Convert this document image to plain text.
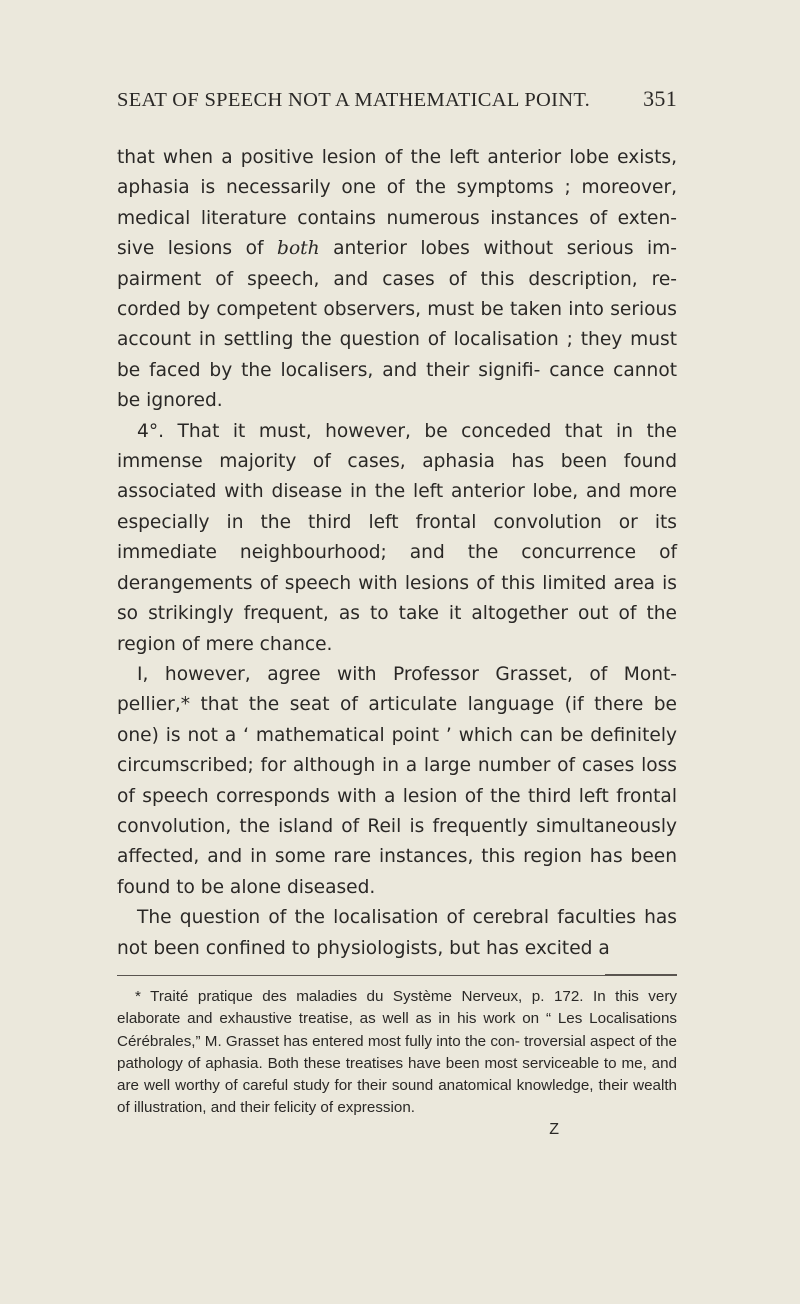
SEAT OF SPEECH NOT A MATHEMATICAL POINT. 351

that when a positive lesion of the left anterior lobe exists, aphasia is necessarily one of the symptoms ; moreover, medical literature contains numerous instances of exten- sive lesions of both anterior lobes without serious im- pairment of speech, and cases of this description, re- corded by competent observers, must be taken into serious account in settling the question of localisation ; they must be faced by the localisers, and their signifi- cance cannot be ignored.

4°. That it must, however, be conceded that in the immense majority of cases, aphasia has been found associated with disease in the left anterior lobe, and more especially in the third left frontal convolution or its immediate neighbourhood; and the concurrence of derangements of speech with lesions of this limited area is so strikingly frequent, as to take it altogether out of the region of mere chance.

I, however, agree with Professor Grasset, of Mont- pellier,* that the seat of articulate language (if there be one) is not a ‘ mathematical point ’ which can be definitely circumscribed; for although in a large number of cases loss of speech corresponds with a lesion of the third left frontal convolution, the island of Reil is frequently simultaneously affected, and in some rare instances, this region has been found to be alone diseased.

The question of the localisation of cerebral faculties has not been confined to physiologists, but has excited a

* Traité pratique des maladies du Système Nerveux, p. 172. In this very elaborate and exhaustive treatise, as well as in his work on “ Les Localisations Cérébrales,” M. Grasset has entered most fully into the con- troversial aspect of the pathology of aphasia. Both these treatises have been most serviceable to me, and are well worthy of careful study for their sound anatomical knowledge, their wealth of illustration, and their felicity of expression.

Z
